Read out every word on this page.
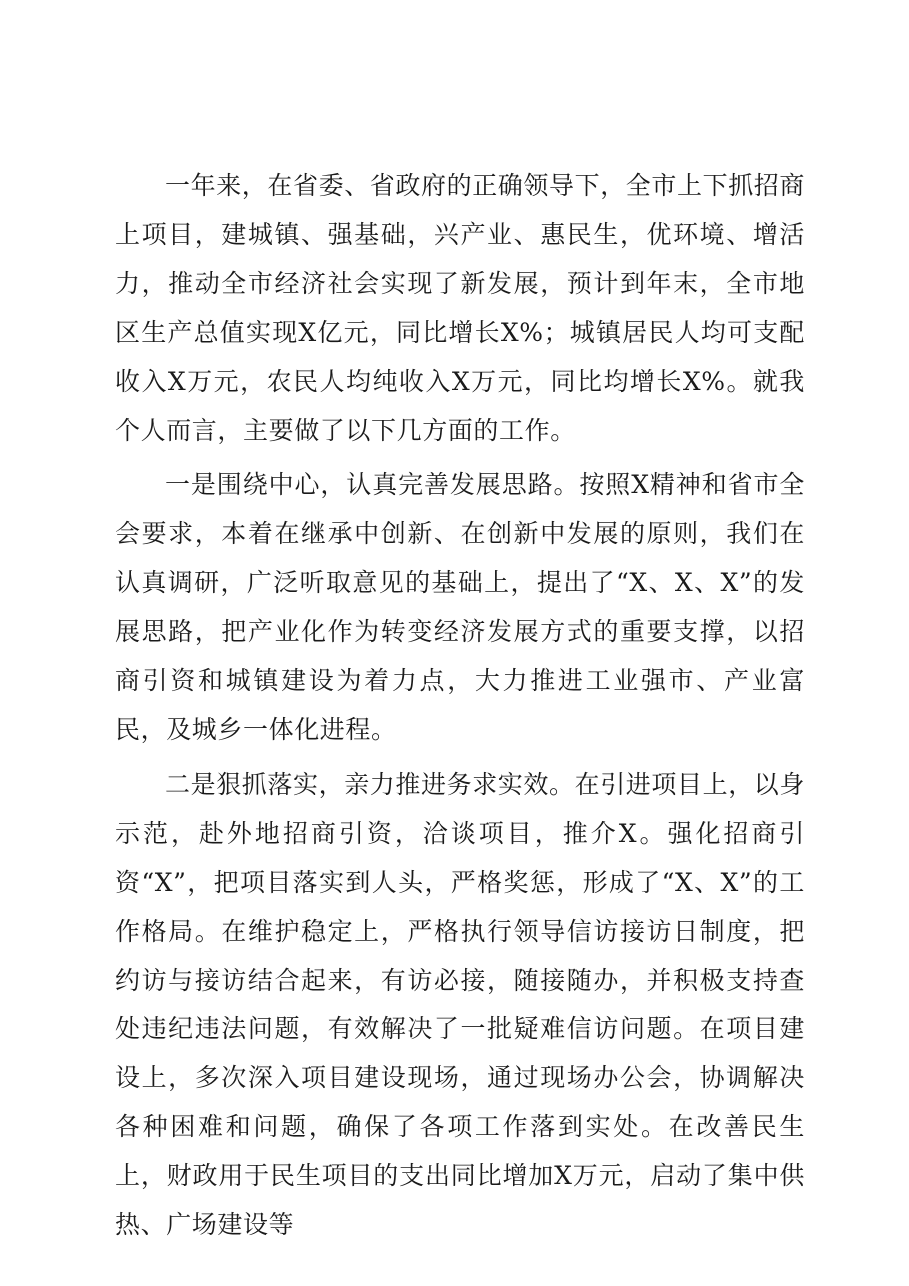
一年来，在省委、省政府的正确领导下，全市上下抓招商上项目，建城镇、强基础，兴产业、惠民生，优环境、增活力，推动全市经济社会实现了新发展，预计到年末，全市地区生产总值实现X亿元，同比增长X%；城镇居民人均可支配收入X万元，农民人均纯收入X万元，同比均增长X%。就我个人而言，主要做了以下几方面的工作。

一是围绕中心，认真完善发展思路。按照X精神和省市全会要求，本着在继承中创新、在创新中发展的原则，我们在认真调研，广泛听取意见的基础上，提出了“X、X、X”的发展思路，把产业化作为转变经济发展方式的重要支撑，以招商引资和城镇建设为着力点，大力推进工业强市、产业富民，及城乡一体化进程。

二是狠抓落实，亲力推进务求实效。在引进项目上，以身示范，赴外地招商引资，洽谈项目，推介X。强化招商引资“X”，把项目落实到人头，严格奖惩，形成了“X、X”的工作格局。在维护稳定上，严格执行领导信访接访日制度，把约访与接访结合起来，有访必接，随接随办，并积极支持查处违纪违法问题，有效解决了一批疑难信访问题。在项目建设上，多次深入项目建设现场，通过现场办公会，协调解决各种困难和问题，确保了各项工作落到实处。在改善民生上，财政用于民生项目的支出同比增加X万元，启动了集中供热、广场建设等
